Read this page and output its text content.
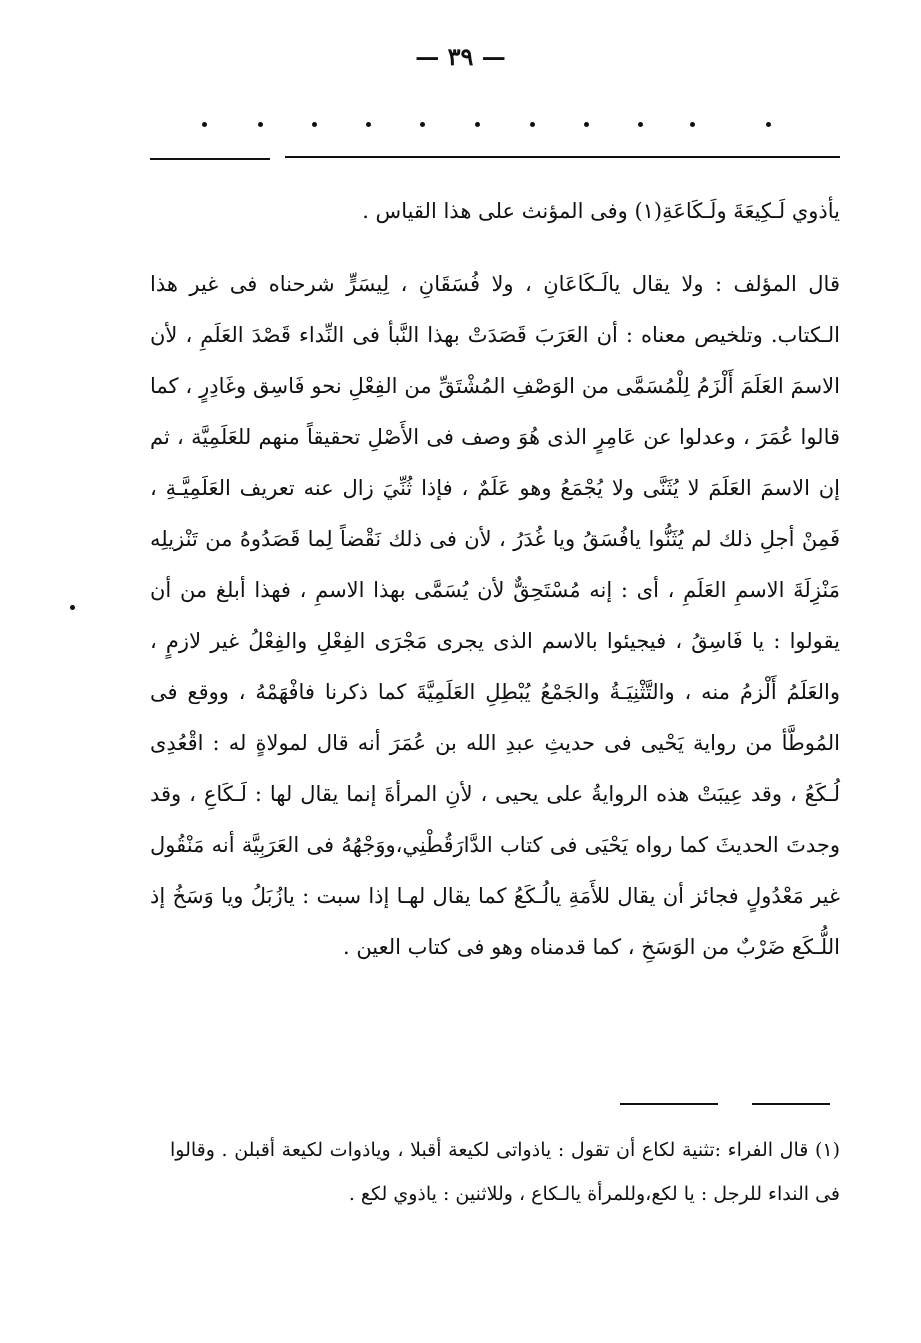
— ٣٩ —

يأذوي لَـكِيعَةَ ولَـكَاعَةِ(١) وفى المؤنث على هذا القياس .

قال المؤلف : ولا يقال يالَـكَاعَانِ ، ولا فُسَقَانِ ، لِيسَرٍّ شرحناه فى غير هذا الـكتاب. وتلخيص معناه : أن العَرَبَ قَصَدَتْ بهذا النَّبأ فى النِّداء قَصْدَ العَلَمِ ، لأن الاسمَ العَلَمَ أَلْزَمُ لِلْمُسَمَّى من الوَصْفِ المُشْتَقِّ من الفِعْلِ نحو فَاسِق وغَادِرٍ ، كما قالوا عُمَرَ ، وعدلوا عن عَامِرٍ الذى هُوَ وصف فى الأَصْلِ تحقيقاً منهم للعَلَمِيَّة ، ثم إن الاسمَ العَلَمَ لا يُثَنَّى ولا يُجْمَعُ وهو عَلَمٌ ، فإذا ثُنِّيَ زال عنه تعريف العَلَمِيَّـةِ ، فَمِنْ أجلِ ذلك لم يُثَنُّوا يافُسَقُ ويا غُدَرُ ، لأن فى ذلك نَقْضاً لِما قَصَدُوهُ من تَنْزيلِه مَنْزِلَةَ الاسمِ العَلَمِ ، أى : إنه مُسْتَحِقٌّ لأن يُسَمَّى بهذا الاسمِ ، فهذا أبلغ من أن يقولوا : يا فَاسِقُ ، فيجيئوا بالاسم الذى يجرى مَجْرَى الفِعْلِ والفِعْلُ غير لازمٍ ، والعَلَمُ أَلْزمُ منه ، والتَّثْنِيَـةُ والجَمْعُ يُبْطِلِ العَلَمِيَّةَ كما ذكرنا فافْهَمْهُ ، ووقع فى المُوطَّأ من رواية يَحْيى فى حديثِ عبدِ الله بن عُمَرَ أنه قال لمولاةٍ له : اقْعُدِى لُـكَعُ ، وقد عِيبَتْ هذه الروايةُ على يحيى ، لأنِ المرأةَ إنما يقال لها : لَـكَاعِ ، وقد وجدتَ الحديثَ كما رواه يَحْيَى فى كتاب الدَّارَقُطْنِي،ووَجْهُهُ فى العَرَبِيَّة أنه مَنْقُول غير مَعْدُولٍ فجائز أن يقال للأَمَةِ يالُـكَعُ كما يقال لهـا إذا سبت : يازُبَلُ ويا وَسَخُ إذ اللُّـكَع ضَرْبٌ من الوَسَخِ ، كما قدمناه وهو فى كتاب العين .

(١) قال الفراء :تثنية لكاع أن تقول : ياذواتى لكيعة أقبلا ، وياذوات لكيعة أقبلن . وقالوا فى النداء للرجل : يا لكع،وللمرأة يالـكاع ، وللاثنين : ياذوي لكع .
